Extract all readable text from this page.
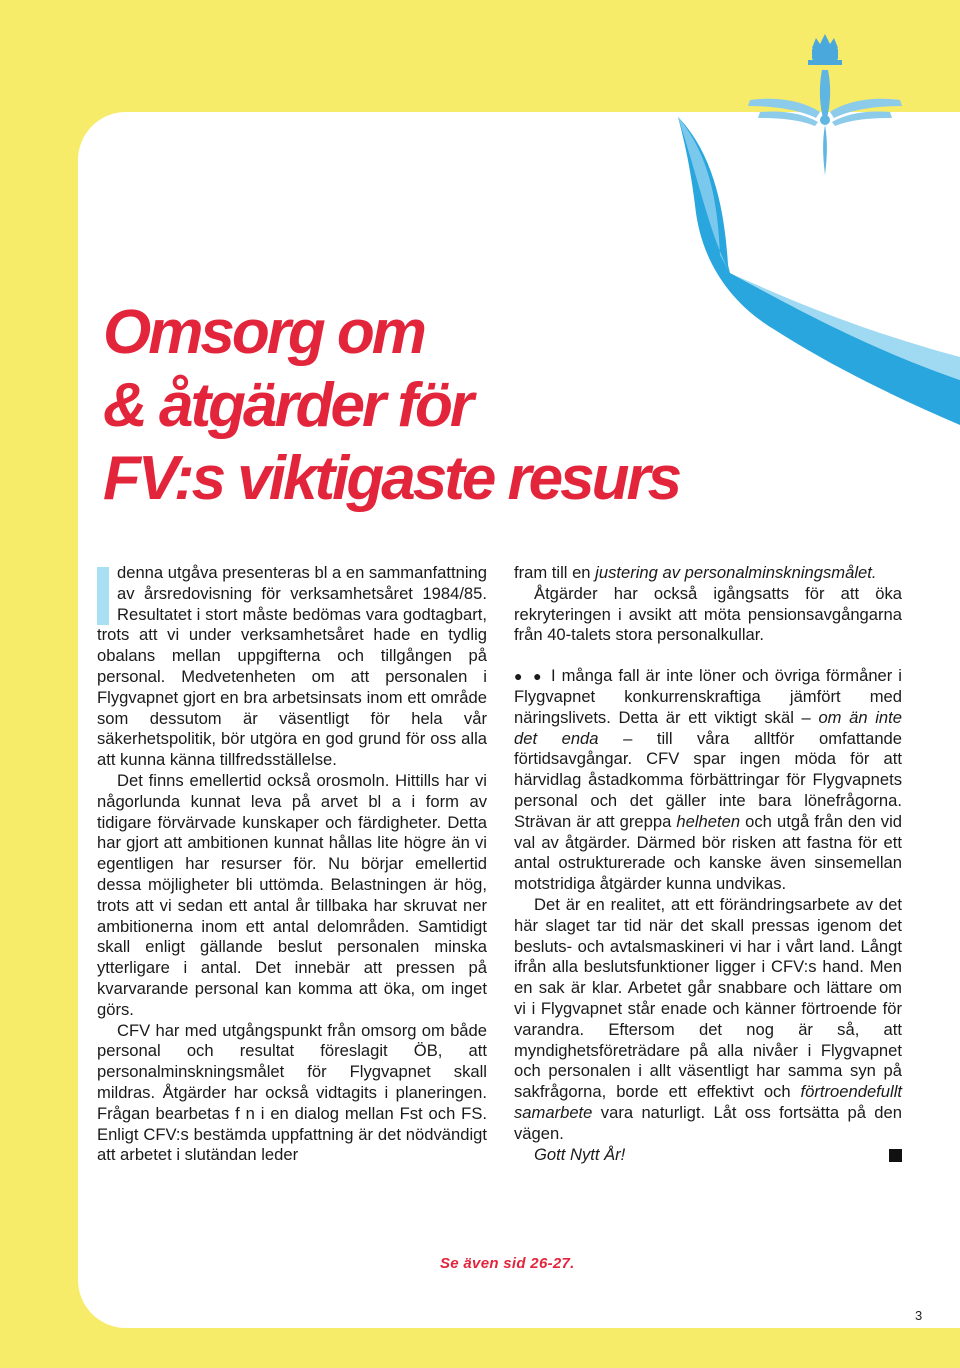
Omsorg om
& åtgärder för
FV:s viktigaste resurs

denna utgåva presenteras bl a en sammanfattning av årsredovisning för verksamhetsåret 1984/85. Resultatet i stort måste bedömas vara godtagbart, trots att vi under verksamhetsåret hade en tydlig obalans mellan uppgifterna och tillgången på personal. Medvetenheten om att personalen i Flygvapnet gjort en bra arbetsinsats inom ett område som dessutom är väsentligt för hela vår säkerhetspolitik, bör utgöra en god grund för oss alla att kunna känna tillfredsställelse.

Det finns emellertid också orosmoln. Hittills har vi någorlunda kunnat leva på arvet bl a i form av tidigare förvärvade kunskaper och färdigheter. Detta har gjort att ambitionen kunnat hållas lite högre än vi egentligen har resurser för. Nu börjar emellertid dessa möjligheter bli uttömda. Belastningen är hög, trots att vi sedan ett antal år tillbaka har skruvat ner ambitionerna inom ett antal delområden. Samtidigt skall enligt gällande beslut personalen minska ytterligare i antal. Det innebär att pressen på kvarvarande personal kan komma att öka, om inget görs.

CFV har med utgångspunkt från omsorg om både personal och resultat föreslagit ÖB, att personalminskningsmålet för Flygvapnet skall mildras. Åtgärder har också vidtagits i planeringen. Frågan bearbetas f n i en dialog mellan Fst och FS. Enligt CFV:s bestämda uppfattning är det nödvändigt att arbetet i slutändan leder

fram till en justering av personalminskningsmålet.

Åtgärder har också igångsatts för att öka rekryteringen i avsikt att möta pensionsavgångarna från 40-talets stora personalkullar.

● ● I många fall är inte löner och övriga förmåner i Flygvapnet konkurrenskraftiga jämfört med näringslivets. Detta är ett viktigt skäl – om än inte det enda – till våra alltför omfattande förtidsavgångar. CFV spar ingen möda för att härvidlag åstadkomma förbättringar för Flygvapnets personal och det gäller inte bara lönefrågorna. Strävan är att greppa helheten och utgå från den vid val av åtgärder. Därmed bör risken att fastna för ett antal ostrukturerade och kanske även sinsemellan motstridiga åtgärder kunna undvikas.

Det är en realitet, att ett förändringsarbete av det här slaget tar tid när det skall pressas igenom det besluts- och avtalsmaskineri vi har i vårt land. Långt ifrån alla beslutsfunktioner ligger i CFV:s hand. Men en sak är klar. Arbetet går snabbare och lättare om vi i Flygvapnet står enade och känner förtroende för varandra. Eftersom det nog är så, att myndighetsföreträdare på alla nivåer i Flygvapnet och personalen i allt väsentligt har samma syn på sakfrågorna, borde ett effektivt och förtroendefullt samarbete vara naturligt. Låt oss fortsätta på den vägen.

Gott Nytt År!

Se även sid 26-27.
3
